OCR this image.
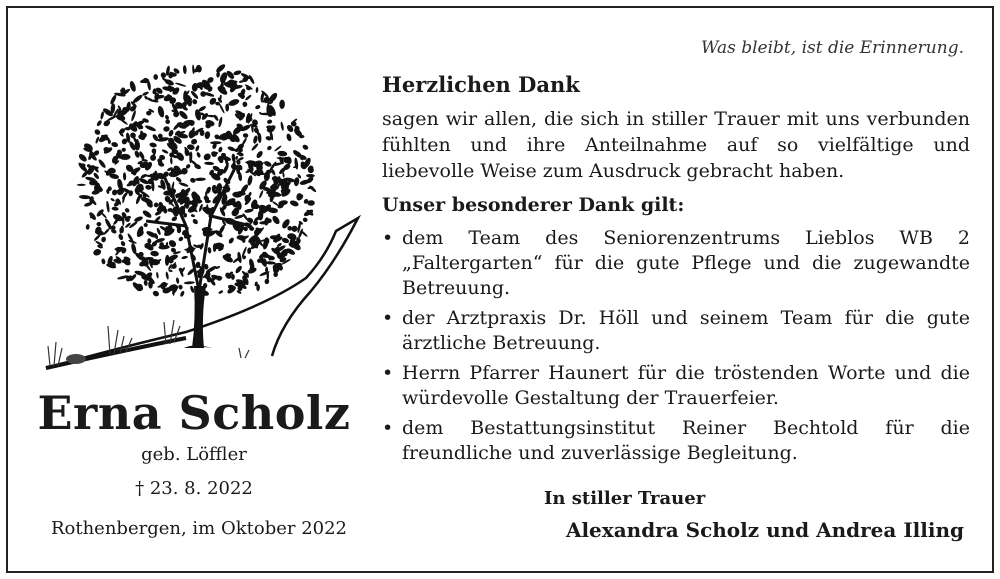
Was bleibt, ist die Erinnerung.
Herzlichen Dank
sagen wir allen, die sich in stiller Trauer mit uns verbunden fühlten und ihre Anteilnahme auf so vielfältige und liebevolle Weise zum Ausdruck gebracht haben.
Unser besonderer Dank gilt:
• dem Team des Seniorenzentrums Lieblos WB 2 „Faltergarten“ für die gute Pflege und die zugewandte Betreuung.
• der Arztpraxis Dr. Höll und seinem Team für die gute ärztliche Betreuung.
• Herrn Pfarrer Haunert für die tröstenden Worte und die würdevolle Gestaltung der Trauerfeier.
• dem Bestattungsinstitut Reiner Bechtold für die freundliche und zuverlässige Begleitung.
Erna Scholz
geb. Löffler
† 23. 8. 2022
Rothenbergen, im Oktober 2022
In stiller Trauer
Alexandra Scholz und Andrea Illing
